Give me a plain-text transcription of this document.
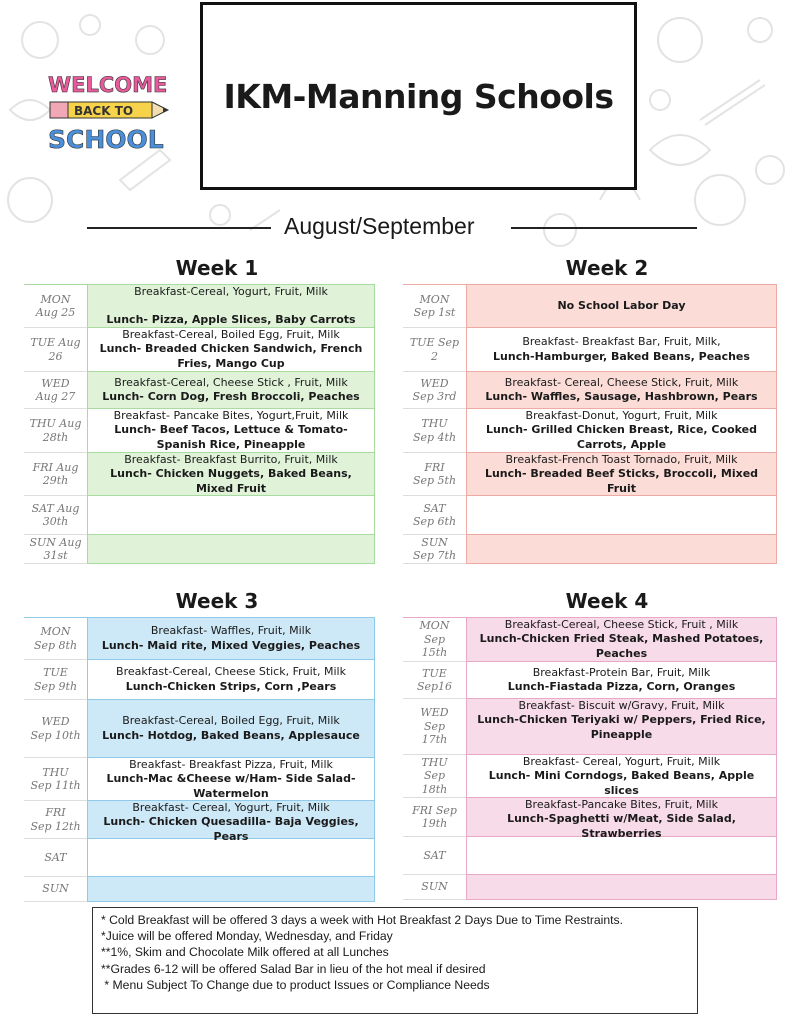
WELCOME
BACK TO
SCHOOL
IKM-Manning Schools
August/September
Week 1	Week 2
Week 3	Week 4
MON
Aug 25
Breakfast-Cereal, Yogurt, Fruit, Milk
Lunch- Pizza, Apple Slices, Baby Carrots
TUE Aug
26
Breakfast-Cereal, Boiled Egg, Fruit, Milk
Lunch- Breaded Chicken Sandwich, French Fries, Mango Cup
WED
Aug 27
Breakfast-Cereal, Cheese Stick , Fruit, Milk
Lunch- Corn Dog, Fresh Broccoli, Peaches
THU Aug
28th
Breakfast- Pancake Bites, Yogurt,Fruit, Milk
Lunch- Beef Tacos, Lettuce & Tomato-Spanish Rice, Pineapple
FRI Aug
29th
Breakfast- Breakfast Burrito, Fruit, Milk
Lunch- Chicken Nuggets, Baked Beans, Mixed Fruit
SAT Aug
30th
SUN Aug
31st
MON
Sep 1st
No School Labor Day
TUE Sep
2
Breakfast- Breakfast Bar, Fruit, Milk,
Lunch-Hamburger, Baked Beans, Peaches
WED
Sep 3rd
Breakfast- Cereal, Cheese Stick, Fruit, Milk
Lunch- Waffles, Sausage, Hashbrown, Pears
THU
Sep 4th
Breakfast-Donut, Yogurt, Fruit, Milk
Lunch- Grilled Chicken Breast, Rice, Cooked Carrots, Apple
FRI
Sep 5th
Breakfast-French Toast Tornado, Fruit, Milk
Lunch- Breaded Beef Sticks, Broccoli, Mixed Fruit
SAT
Sep 6th
SUN
Sep 7th
MON
Sep 8th
Breakfast- Waffles, Fruit, Milk
Lunch- Maid rite, Mixed Veggies, Peaches
TUE
Sep 9th
Breakfast-Cereal, Cheese Stick, Fruit, Milk
Lunch-Chicken Strips, Corn ,Pears
WED
Sep 10th
Breakfast-Cereal, Boiled Egg, Fruit, Milk
Lunch- Hotdog, Baked Beans, Applesauce
THU
Sep 11th
Breakfast- Breakfast Pizza, Fruit, Milk
Lunch-Mac &Cheese w/Ham- Side Salad-Watermelon
FRI
Sep 12th
Breakfast- Cereal, Yogurt, Fruit, Milk
Lunch- Chicken Quesadilla- Baja Veggies, Pears
SAT
SUN
MON
Sep
15th
Breakfast-Cereal, Cheese Stick, Fruit , Milk
Lunch-Chicken Fried Steak, Mashed Potatoes, Peaches
TUE
Sep16
Breakfast-Protein Bar, Fruit, Milk
Lunch-Fiastada Pizza, Corn, Oranges
WED
Sep
17th
Breakfast- Biscuit w/Gravy, Fruit, Milk
Lunch-Chicken Teriyaki w/ Peppers, Fried Rice, Pineapple
THU
Sep
18th
Breakfast- Cereal, Yogurt, Fruit, Milk
Lunch- Mini Corndogs, Baked Beans, Apple slices
FRI Sep
19th
Breakfast-Pancake Bites, Fruit, Milk
Lunch-Spaghetti w/Meat, Side Salad, Strawberries
SAT
SUN
* Cold Breakfast will be offered 3 days a week with Hot Breakfast 2 Days Due to Time Restraints.
*Juice will be offered Monday, Wednesday, and Friday
**1%, Skim and Chocolate Milk offered at all Lunches
**Grades 6-12 will be offered Salad Bar in lieu of the hot meal if desired
* Menu Subject To Change due to product Issues or Compliance Needs
